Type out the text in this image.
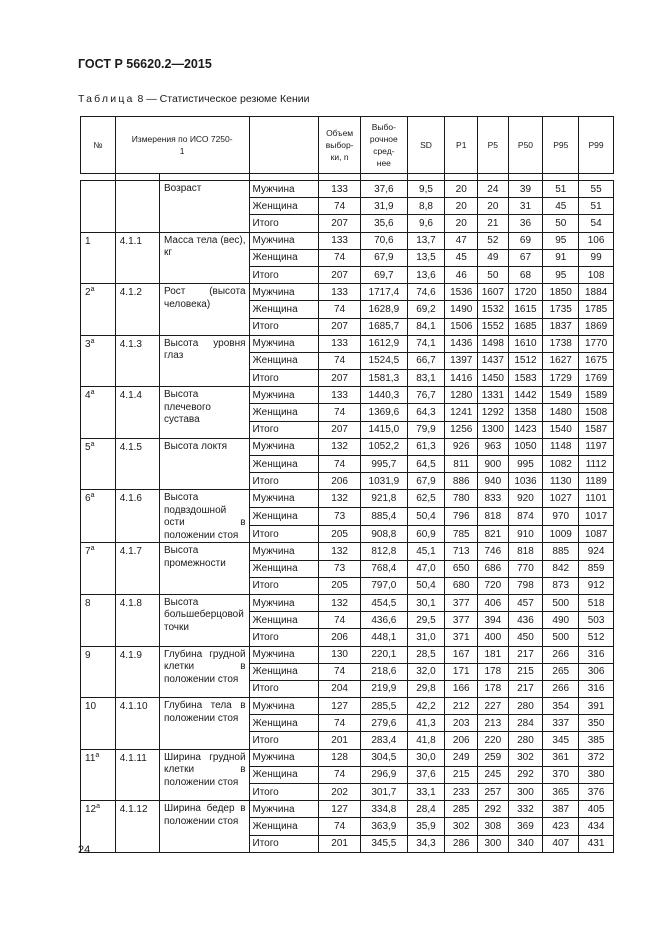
ГОСТ Р 56620.2—2015
Таблица 8 — Статистическое резюме Кении
№	Измерения по ИСО 7250-1			Объем выбор-ки, n	Выбо-рочное сред-нее	SD	P1	P5	P50	P95	P99

		Возраст	Мужчина	133	37,6	9,5	20	24	39	51	55
			Женщина	74	31,9	8,8	20	20	31	45	51
			Итого	207	35,6	9,6	20	21	36	50	54
1	4.1.1	Масса тела (вес), кг	Мужчина	133	70,6	13,7	47	52	69	95	106
			Женщина	74	67,9	13,5	45	49	67	91	99
			Итого	207	69,7	13,6	46	50	68	95	108
$2^а$	4.1.2	Рост (высота человека)	Мужчина	133	1717,4	74,6	1536	1607	1720	1850	1884
			Женщина	74	1628,9	69,2	1490	1532	1615	1735	1785
			Итого	207	1685,7	84,1	1506	1552	1685	1837	1869
$3^а$	4.1.3	Высота уровня глаз	Мужчина	133	1612,9	74,1	1436	1498	1610	1738	1770
			Женщина	74	1524,5	66,7	1397	1437	1512	1627	1675
			Итого	207	1581,3	83,1	1416	1450	1583	1729	1769
$4^а$	4.1.4	Высота плечевого сустава	Мужчина	133	1440,3	76,7	1280	1331	1442	1549	1589
			Женщина	74	1369,6	64,3	1241	1292	1358	1480	1508
			Итого	207	1415,0	79,9	1256	1300	1423	1540	1587
$5^а$	4.1.5	Высота локтя	Мужчина	132	1052,2	61,3	926	963	1050	1148	1197
			Женщина	74	995,7	64,5	811	900	995	1082	1112
			Итого	206	1031,9	67,9	886	940	1036	1130	1189
$6^а$	4.1.6	Высота подвздошной ости в положении стоя	Мужчина	132	921,8	62,5	780	833	920	1027	1101
			Женщина	73	885,4	50,4	796	818	874	970	1017
			Итого	205	908,8	60,9	785	821	910	1009	1087
$7^а$	4.1.7	Высота промежности	Мужчина	132	812,8	45,1	713	746	818	885	924
			Женщина	73	768,4	47,0	650	686	770	842	859
			Итого	205	797,0	50,4	680	720	798	873	912
8	4.1.8	Высота большеберцовой точки	Мужчина	132	454,5	30,1	377	406	457	500	518
			Женщина	74	436,6	29,5	377	394	436	490	503
			Итого	206	448,1	31,0	371	400	450	500	512
9	4.1.9	Глубина грудной клетки в положении стоя	Мужчина	130	220,1	28,5	167	181	217	266	316
			Женщина	74	218,6	32,0	171	178	215	265	306
			Итого	204	219,9	29,8	166	178	217	266	316
10	4.1.10	Глубина тела в положении стоя	Мужчина	127	285,5	42,2	212	227	280	354	391
			Женщина	74	279,6	41,3	203	213	284	337	350
			Итого	201	283,4	41,8	206	220	280	345	385
$11^а$	4.1.11	Ширина грудной клетки в положении стоя	Мужчина	128	304,5	30,0	249	259	302	361	372
			Женщина	74	296,9	37,6	215	245	292	370	380
			Итого	202	301,7	33,1	233	257	300	365	376
$12^а$	4.1.12	Ширина бедер в положении стоя	Мужчина	127	334,8	28,4	285	292	332	387	405
			Женщина	74	363,9	35,9	302	308	369	423	434
			Итого	201	345,5	34,3	286	300	340	407	431
24
